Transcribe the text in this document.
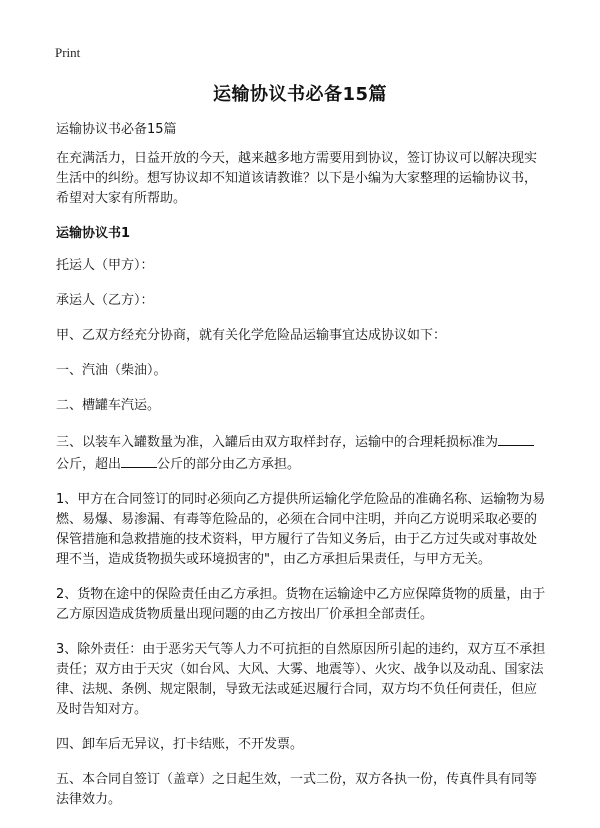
Print
运输协议书必备15篇

运输协议书必备15篇

在充满活力，日益开放的今天，越来越多地方需要用到协议，签订协议可以解决现实生活中的纠纷。想写协议却不知道该请教谁？以下是小编为大家整理的运输协议书，希望对大家有所帮助。

运输协议书1

托运人（甲方）：

承运人（乙方）：

甲、乙双方经充分协商，就有关化学危险品运输事宜达成协议如下：

一、汽油（柴油）。

二、槽罐车汽运。

三、以装车入罐数量为准，入罐后由双方取样封存，运输中的合理耗损标准为公斤，超出	公斤的部分由乙方承担。

1、甲方在合同签订的同时必须向乙方提供所运输化学危险品的准确名称、运输物为易燃、易爆、易渗漏、有毒等危险品的，必须在合同中注明，并向乙方说明采取必要的保管措施和急救措施的技术资料，甲方履行了告知义务后，由于乙方过失或对事故处理不当，造成货物损失或环境损害的"，由乙方承担后果责任，与甲方无关。

2、货物在途中的保险责任由乙方承担。货物在运输途中乙方应保障货物的质量，由于乙方原因造成货物质量出现问题的由乙方按出厂价承担全部责任。

3、除外责任：由于恶劣天气等人力不可抗拒的自然原因所引起的违约，双方互不承担责任；双方由于天灾（如台风、大风、大雾、地震等）、火灾、战争以及动乱、国家法律、法规、条例、规定限制，导致无法或延迟履行合同，双方均不负任何责任，但应及时告知对方。

四、卸车后无异议，打卡结账，不开发票。

五、本合同自签订（盖章）之日起生效，一式二份，双方各执一份，传真件具有同等法律效力。
